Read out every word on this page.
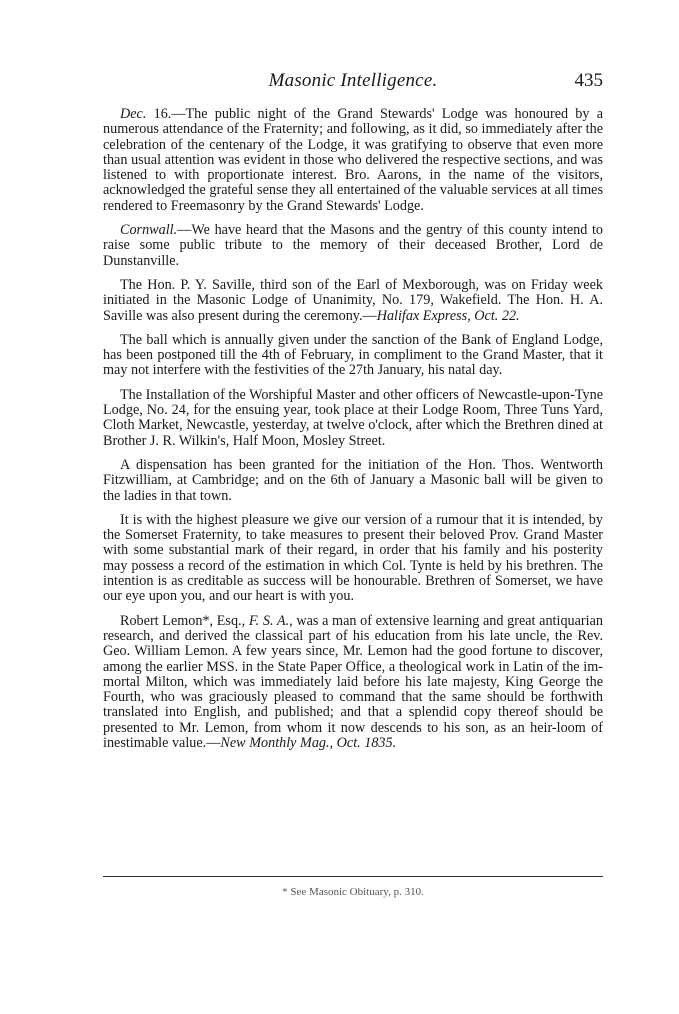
Masonic Intelligence.	435

Dec. 16.—The public night of the Grand Stewards' Lodge was honoured by a numerous attendance of the Fraternity; and following, as it did, so immediately after the celebration of the centenary of the Lodge, it was gratifying to observe that even more than usual attention was evident in those who delivered the respective sections, and was listened to with proportionate interest. Bro. Aarons, in the name of the visitors, acknowledged the grateful sense they all entertained of the valuable services at all times rendered to Freemasonry by the Grand Stewards' Lodge.

Cornwall.—We have heard that the Masons and the gentry of this county intend to raise some public tribute to the memory of their deceased Brother, Lord de Dunstanville.

The Hon. P. Y. Saville, third son of the Earl of Mexborough, was on Friday week initiated in the Masonic Lodge of Unanimity, No. 179, Wakefield. The Hon. H. A. Saville was also present during the ceremony.—Halifax Express, Oct. 22.

The ball which is annually given under the sanction of the Bank of England Lodge, has been postponed till the 4th of February, in compliment to the Grand Master, that it may not interfere with the festivities of the 27th January, his natal day.

The Installation of the Worshipful Master and other officers of Newcastle-upon-Tyne Lodge, No. 24, for the ensuing year, took place at their Lodge Room, Three Tuns Yard, Cloth Market, Newcastle, yesterday, at twelve o'clock, after which the Brethren dined at Brother J. R. Wilkin's, Half Moon, Mosley Street.

A dispensation has been granted for the initiation of the Hon. Thos. Wentworth Fitzwilliam, at Cambridge; and on the 6th of January a Masonic ball will be given to the ladies in that town.

It is with the highest pleasure we give our version of a rumour that it is intended, by the Somerset Fraternity, to take measures to present their beloved Prov. Grand Master with some substantial mark of their regard, in order that his family and his posterity may possess a record of the estimation in which Col. Tynte is held by his brethren. The intention is as creditable as success will be honourable. Brethren of Somerset, we have our eye upon you, and our heart is with you.

Robert Lemon*, Esq., F. S. A., was a man of extensive learning and great antiquarian research, and derived the classical part of his education from his late uncle, the Rev. Geo. William Lemon. A few years since, Mr. Lemon had the good fortune to discover, among the earlier MSS. in the State Paper Office, a theological work in Latin of the immortal Milton, which was immediately laid before his late majesty, King George the Fourth, who was graciously pleased to command that the same should be forthwith translated into English, and published; and that a splendid copy thereof should be presented to Mr. Lemon, from whom it now descends to his son, as an heir-loom of inestimable value.—New Monthly Mag., Oct. 1835.

* See Masonic Obituary, p. 310.
